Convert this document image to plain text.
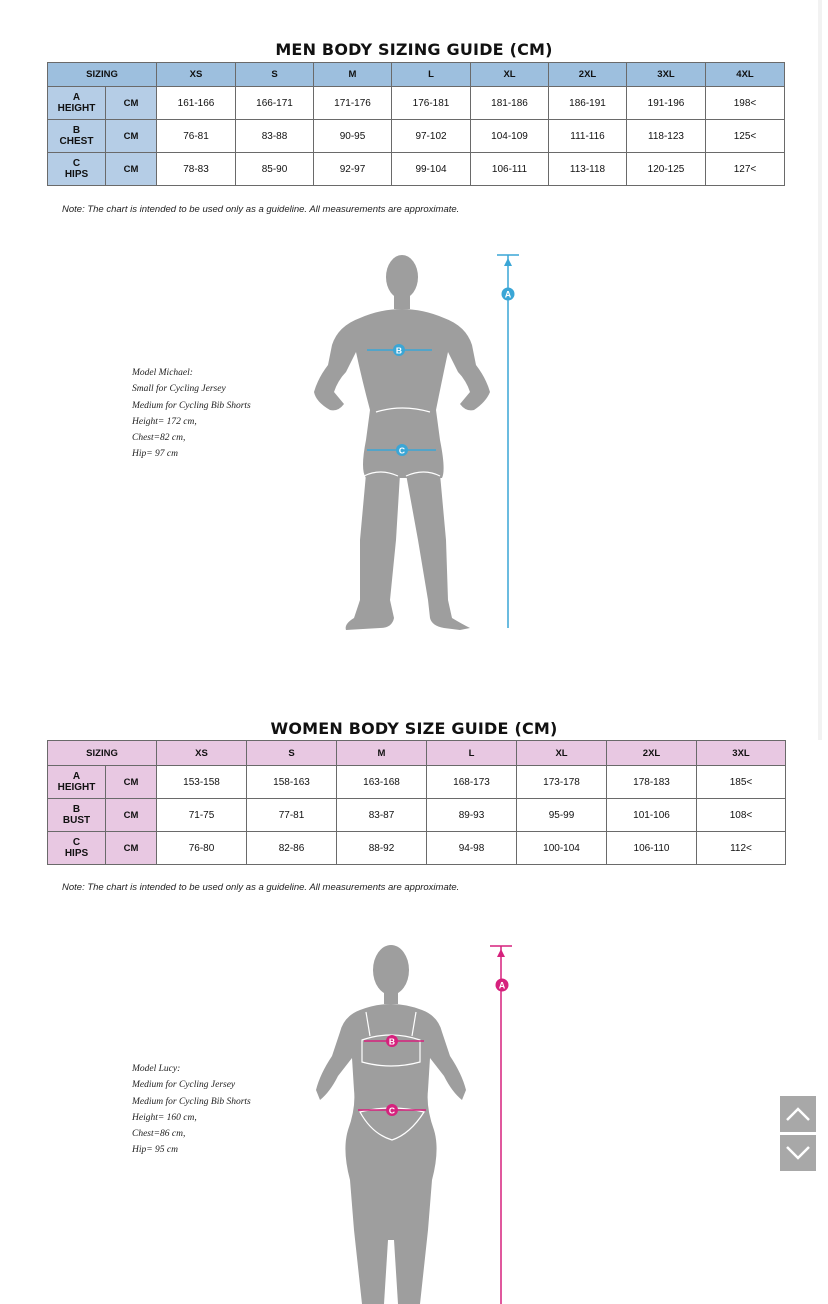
MEN BODY SIZING GUIDE (CM)
SIZING		XS	S	M	L	XL	2XL	3XL	4XL

A
HEIGHT	CM	161-166	166-171	171-176	176-181	181-186	186-191	191-196	198<

B
CHEST	CM	76-81	83-88	90-95	97-102	104-109	111-116	118-123	125<

C
HIPS	CM	78-83	85-90	92-97	99-104	106-111	113-118	120-125	127<
Note: The chart is intended to be used only as a guideline. All measurements are approximate.
Model Michael:
Small for Cycling Jersey
Medium for Cycling Bib Shorts
Height= 172 cm,
Chest=82 cm,
Hip= 97 cm
A
B
C
A
B
C
WOMEN BODY SIZE GUIDE (CM)
SIZING		XS	S	M	L	XL	2XL	3XL

A
HEIGHT	CM	153-158	158-163	163-168	168-173	173-178	178-183	185<

B
BUST	CM	71-75	77-81	83-87	89-93	95-99	101-106	108<

C
HIPS	CM	76-80	82-86	88-92	94-98	100-104	106-110	112<
Note: The chart is intended to be used only as a guideline. All measurements are approximate.
Model Lucy:
Medium for Cycling Jersey
Medium for Cycling Bib Shorts
Height= 160 cm,
Chest=86 cm,
Hip= 95 cm
